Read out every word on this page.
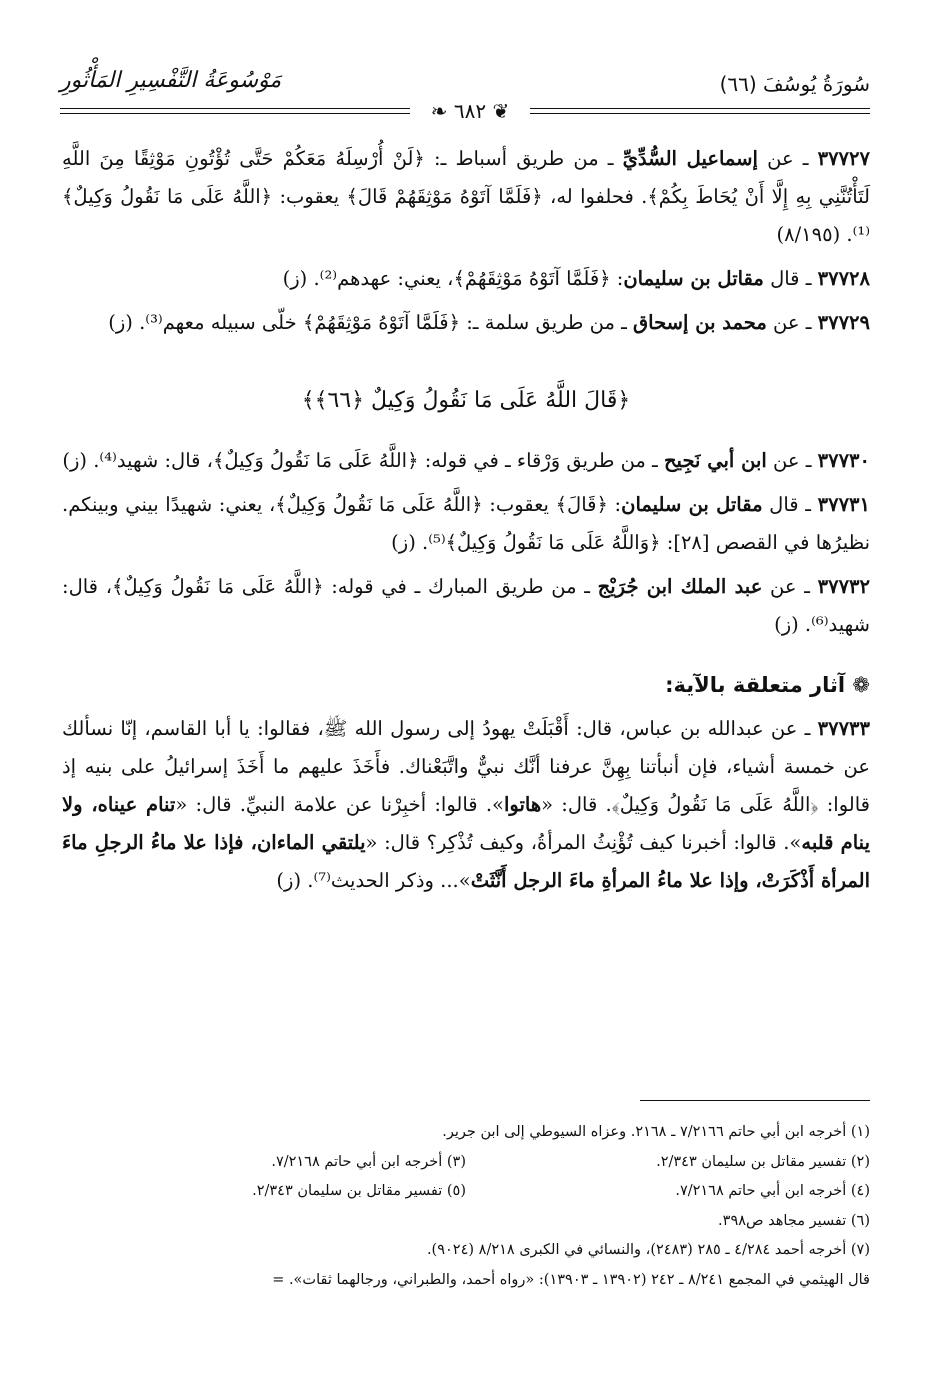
سُورَةُ يُوسُفَ (٦٦)
مَوْسُوعَةُ التَّفْسِيرِ المَأْثُورِ
❦ ٦٨٢ ❧

٣٧٧٢٧ ـ عن إسماعيل السُّدِّيِّ ـ من طريق أسباط ـ: ﴿لَنْ أُرْسِلَهُ مَعَكُمْ حَتَّى تُؤْتُونِ مَوْثِقًا مِنَ اللَّهِ لَتَأْتُنَّنِي بِهِ إِلَّا أَنْ يُحَاطَ بِكُمْ﴾. فحلفوا له، ﴿فَلَمَّا آتَوْهُ مَوْثِقَهُمْ قَالَ﴾ يعقوب: ﴿اللَّهُ عَلَى مَا نَقُولُ وَكِيلٌ﴾⁽¹⁾. (٨/١٩٥)

٣٧٧٢٨ ـ قال مقاتل بن سليمان: ﴿فَلَمَّا آتَوْهُ مَوْثِقَهُمْ﴾، يعني: عهدهم⁽²⁾. (ز)

٣٧٧٢٩ ـ عن محمد بن إسحاق ـ من طريق سلمة ـ: ﴿فَلَمَّا آتَوْهُ مَوْثِقَهُمْ﴾ خلّى سبيله معهم⁽³⁾. (ز)

﴿قَالَ اللَّهُ عَلَى مَا نَقُولُ وَكِيلٌ ﴿٦٦﴾﴾

٣٧٧٣٠ ـ عن ابن أبي نَجِيح ـ من طريق وَرْقاء ـ في قوله: ﴿اللَّهُ عَلَى مَا نَقُولُ وَكِيلٌ﴾، قال: شهيد⁽⁴⁾. (ز)

٣٧٧٣١ ـ قال مقاتل بن سليمان: ﴿قَالَ﴾ يعقوب: ﴿اللَّهُ عَلَى مَا نَقُولُ وَكِيلٌ﴾، يعني: شهيدًا بيني وبينكم. نظيرُها في القصص [٢٨]: ﴿وَاللَّهُ عَلَى مَا نَقُولُ وَكِيلٌ﴾⁽⁵⁾. (ز)

٣٧٧٣٢ ـ عن عبد الملك ابن جُرَيْج ـ من طريق المبارك ـ في قوله: ﴿اللَّهُ عَلَى مَا نَقُولُ وَكِيلٌ﴾، قال: شهيد⁽⁶⁾. (ز)

❁ آثار متعلقة بالآية:

٣٧٧٣٣ ـ عن عبدالله بن عباس، قال: أَقْبَلَتْ يهودُ إلى رسول الله ﷺ، فقالوا: يا أبا القاسم، إنّا نسألك عن خمسة أشياء، فإن أنبأتنا بِهِنَّ عرفنا أنَّك نبيٌّ واتَّبَعْناك. فأَخَذَ عليهم ما أَخَذَ إسرائيلُ على بنيه إذ قالوا: ﴿اللَّهُ عَلَى مَا نَقُولُ وَكِيلٌ﴾. قال: «هاتوا». قالوا: أخبِرْنا عن علامة النبيِّ. قال: «تنام عيناه، ولا ينام قلبه». قالوا: أخبرنا كيف تُؤْنِثُ المرأةُ، وكيف تُذْكِر؟ قال: «يلتقي الماءان، فإذا علا ماءُ الرجلِ ماءَ المرأة أَذْكَرَتْ، وإذا علا ماءُ المرأةِ ماءَ الرجل أَنَّثَتْ»... وذكر الحديث⁽⁷⁾. (ز)

(١) أخرجه ابن أبي حاتم ٧/٢١٦٦ ـ ٢١٦٨. وعزاه السيوطي إلى ابن جرير.
(٢) تفسير مقاتل بن سليمان ٢/٣٤٣.
(٣) أخرجه ابن أبي حاتم ٧/٢١٦٨.
(٤) أخرجه ابن أبي حاتم ٧/٢١٦٨.
(٥) تفسير مقاتل بن سليمان ٢/٣٤٣.
(٦) تفسير مجاهد ص٣٩٨.
(٧) أخرجه أحمد ٤/٢٨٤ ـ ٢٨٥ (٢٤٨٣)، والنسائي في الكبرى ٨/٢١٨ (٩٠٢٤).
قال الهيثمي في المجمع ٨/٢٤١ ـ ٢٤٢ (١٣٩٠٢ ـ ١٣٩٠٣): «رواه أحمد، والطبراني، ورجالهما ثقات». =
